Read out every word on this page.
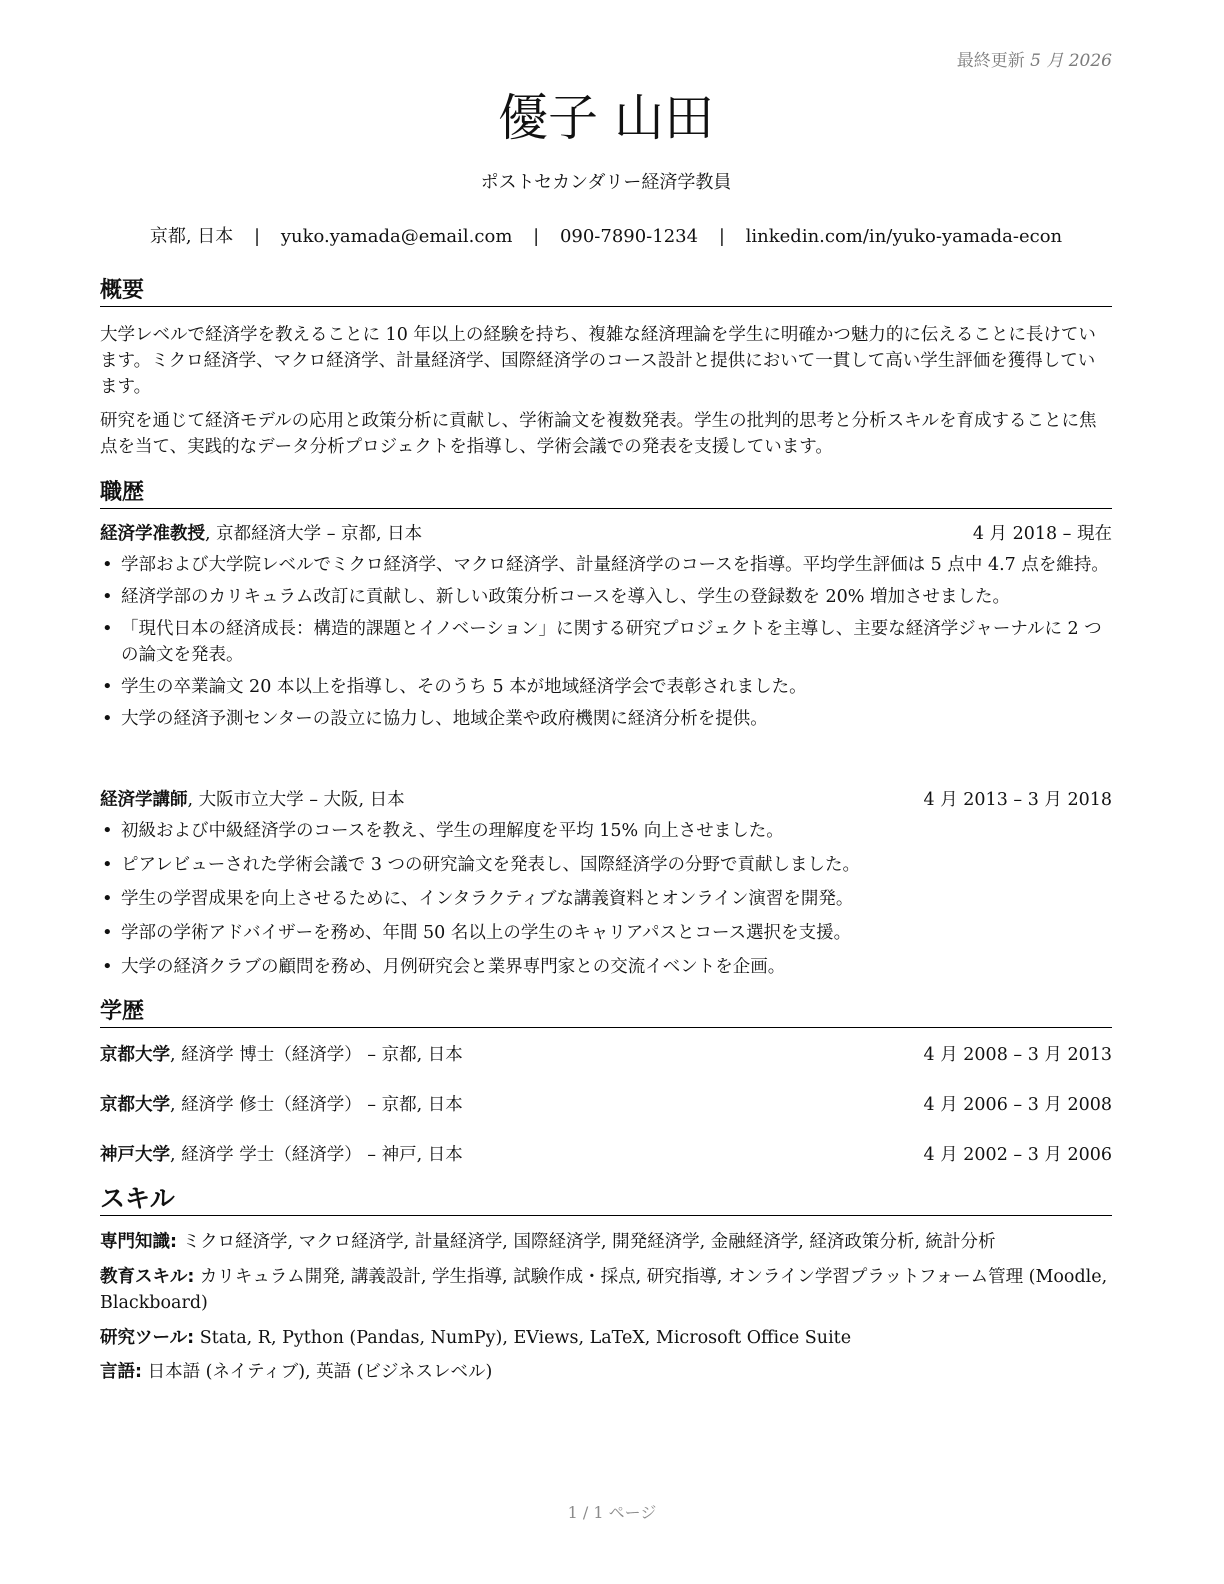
最終更新 5 月 2026
優子 山田
ポストセカンダリー経済学教員
京都, 日本 | yuko.yamada@email.com | 090-7890-1234 | linkedin.com/in/yuko-yamada-econ
概要
大学レベルで経済学を教えることに 10 年以上の経験を持ち、複雑な経済理論を学生に明確かつ魅力的に伝えることに長けています。ミクロ経済学、マクロ経済学、計量経済学、国際経済学のコース設計と提供において一貫して高い学生評価を獲得しています。
研究を通じて経済モデルの応用と政策分析に貢献し、学術論文を複数発表。学生の批判的思考と分析スキルを育成することに焦点を当て、実践的なデータ分析プロジェクトを指導し、学術会議での発表を支援しています。
職歴
経済学准教授, 京都経済大学 – 京都, 日本	4 月 2018 – 現在
• 学部および大学院レベルでミクロ経済学、マクロ経済学、計量経済学のコースを指導。平均学生評価は 5 点中 4.7 点を維持。
• 経済学部のカリキュラム改訂に貢献し、新しい政策分析コースを導入し、学生の登録数を 20% 増加させました。
• 「現代日本の経済成長：構造的課題とイノベーション」に関する研究プロジェクトを主導し、主要な経済学ジャーナルに 2 つの論文を発表。
• 学生の卒業論文 20 本以上を指導し、そのうち 5 本が地域経済学会で表彰されました。
• 大学の経済予測センターの設立に協力し、地域企業や政府機関に経済分析を提供。
経済学講師, 大阪市立大学 – 大阪, 日本	4 月 2013 – 3 月 2018
• 初級および中級経済学のコースを教え、学生の理解度を平均 15% 向上させました。
• ピアレビューされた学術会議で 3 つの研究論文を発表し、国際経済学の分野で貢献しました。
• 学生の学習成果を向上させるために、インタラクティブな講義資料とオンライン演習を開発。
• 学部の学術アドバイザーを務め、年間 50 名以上の学生のキャリアパスとコース選択を支援。
• 大学の経済クラブの顧問を務め、月例研究会と業界専門家との交流イベントを企画。
学歴
京都大学, 経済学 博士（経済学） – 京都, 日本	4 月 2008 – 3 月 2013
京都大学, 経済学 修士（経済学） – 京都, 日本	4 月 2006 – 3 月 2008
神戸大学, 経済学 学士（経済学） – 神戸, 日本	4 月 2002 – 3 月 2006
スキル
専門知識: ミクロ経済学, マクロ経済学, 計量経済学, 国際経済学, 開発経済学, 金融経済学, 経済政策分析, 統計分析
教育スキル: カリキュラム開発, 講義設計, 学生指導, 試験作成・採点, 研究指導, オンライン学習プラットフォーム管理 (Moodle, Blackboard)
研究ツール: Stata, R, Python (Pandas, NumPy), EViews, LaTeX, Microsoft Office Suite
言語: 日本語 (ネイティブ), 英語 (ビジネスレベル)
1 / 1 ページ
